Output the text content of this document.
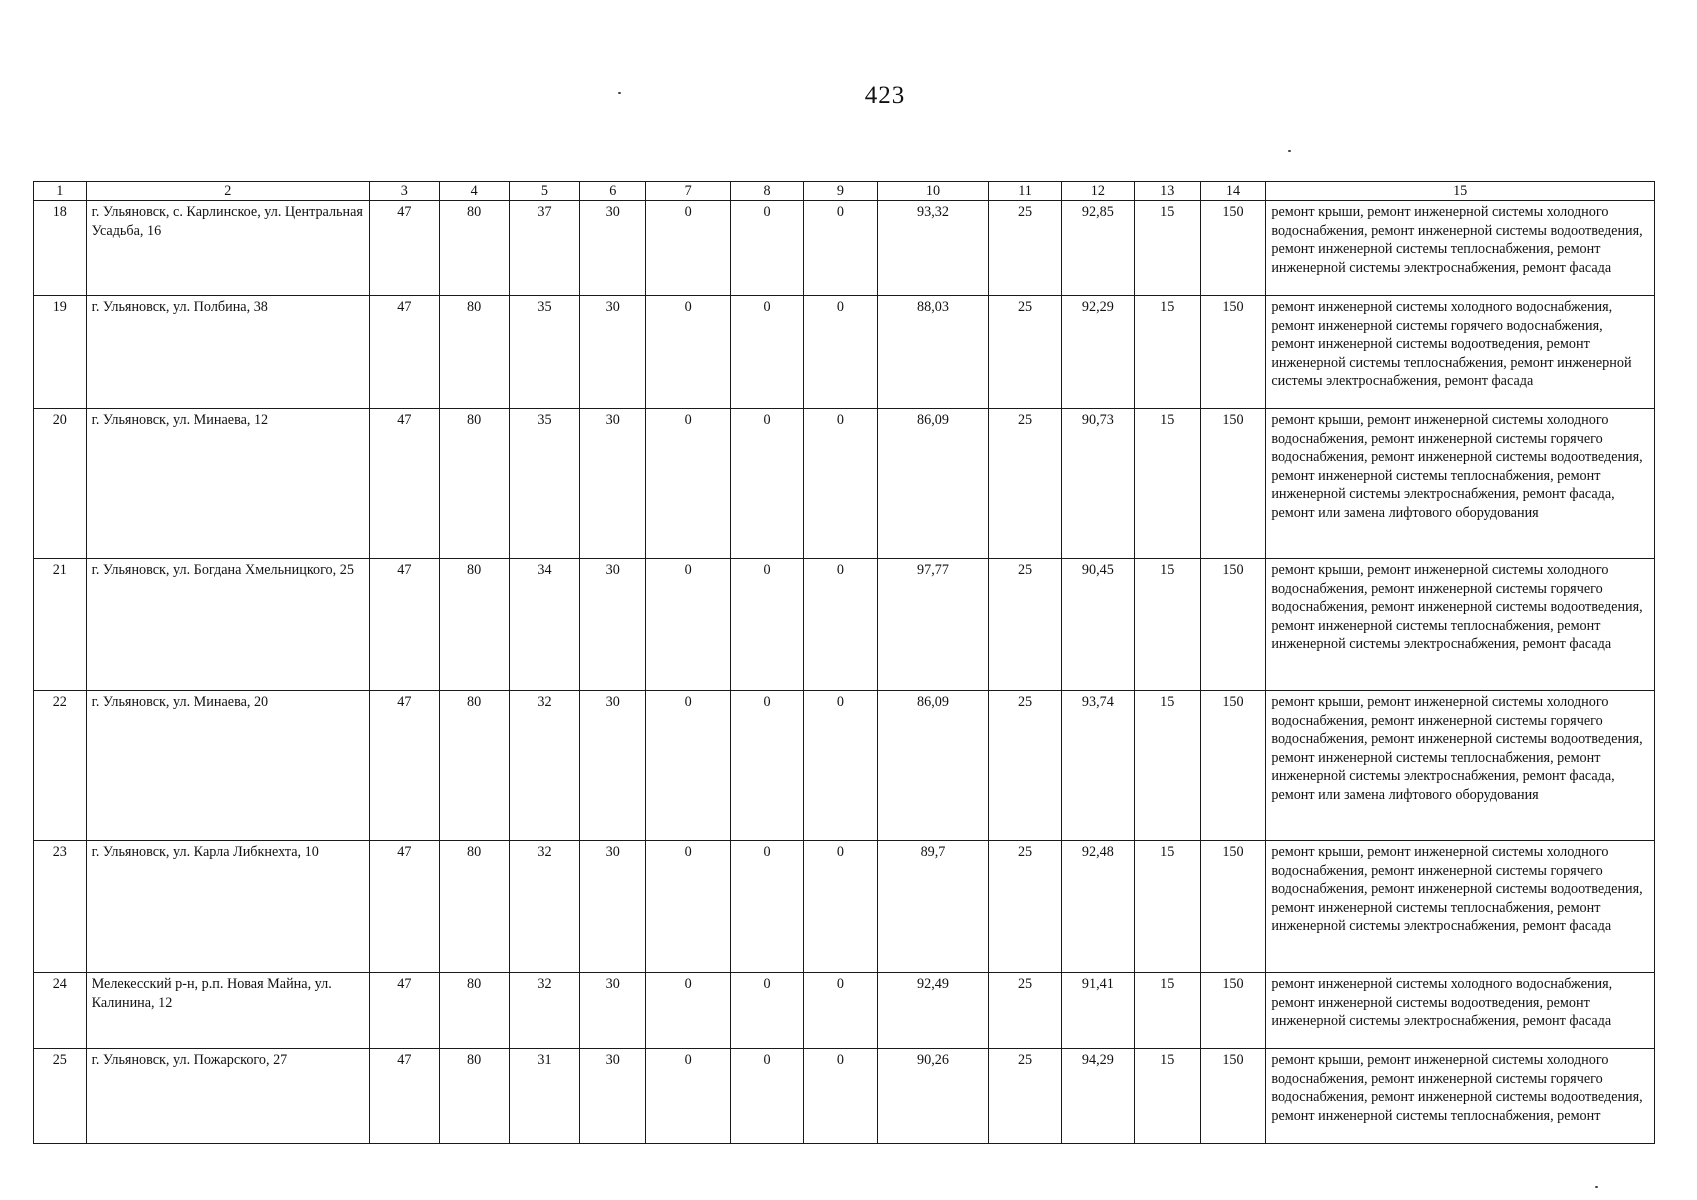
423
1	2	3	4	5	6	7	8	9	10	11	12	13	14	15
18	г. Ульяновск, с. Карлинское, ул. Центральная Усадьба, 16	47	80	37	30	0	0	0	93,32	25	92,85	15	150	ремонт крыши, ремонт инженерной системы холодного водоснабжения, ремонт инженерной системы водоотведения, ремонт инженерной системы теплоснабжения, ремонт инженерной системы электроснабжения, ремонт фасада
19	г. Ульяновск, ул. Полбина, 38	47	80	35	30	0	0	0	88,03	25	92,29	15	150	ремонт инженерной системы холодного водоснабжения, ремонт инженерной системы горячего водоснабжения, ремонт инженерной системы водоотведения, ремонт инженерной системы теплоснабжения, ремонт инженерной системы электроснабжения, ремонт фасада
20	г. Ульяновск, ул. Минаева, 12	47	80	35	30	0	0	0	86,09	25	90,73	15	150	ремонт крыши, ремонт инженерной системы холодного водоснабжения, ремонт инженерной системы горячего водоснабжения, ремонт инженерной системы водоотведения, ремонт инженерной системы теплоснабжения, ремонт инженерной системы электроснабжения, ремонт фасада, ремонт или замена лифтового оборудования
21	г. Ульяновск, ул. Богдана Хмельницкого, 25	47	80	34	30	0	0	0	97,77	25	90,45	15	150	ремонт крыши, ремонт инженерной системы холодного водоснабжения, ремонт инженерной системы горячего водоснабжения, ремонт инженерной системы водоотведения, ремонт инженерной системы теплоснабжения, ремонт инженерной системы электроснабжения, ремонт фасада
22	г. Ульяновск, ул. Минаева, 20	47	80	32	30	0	0	0	86,09	25	93,74	15	150	ремонт крыши, ремонт инженерной системы холодного водоснабжения, ремонт инженерной системы горячего водоснабжения, ремонт инженерной системы водоотведения, ремонт инженерной системы теплоснабжения, ремонт инженерной системы электроснабжения, ремонт фасада, ремонт или замена лифтового оборудования
23	г. Ульяновск, ул. Карла Либкнехта, 10	47	80	32	30	0	0	0	89,7	25	92,48	15	150	ремонт крыши, ремонт инженерной системы холодного водоснабжения, ремонт инженерной системы горячего водоснабжения, ремонт инженерной системы водоотведения, ремонт инженерной системы теплоснабжения, ремонт инженерной системы электроснабжения, ремонт фасада
24	Мелекесский р-н, р.п. Новая Майна, ул. Калинина, 12	47	80	32	30	0	0	0	92,49	25	91,41	15	150	ремонт инженерной системы холодного водоснабжения, ремонт инженерной системы водоотведения, ремонт инженерной системы электроснабжения, ремонт фасада
25	г. Ульяновск, ул. Пожарского, 27	47	80	31	30	0	0	0	90,26	25	94,29	15	150	ремонт крыши, ремонт инженерной системы холодного водоснабжения, ремонт инженерной системы горячего водоснабжения, ремонт инженерной системы водоотведения, ремонт инженерной системы теплоснабжения, ремонт
